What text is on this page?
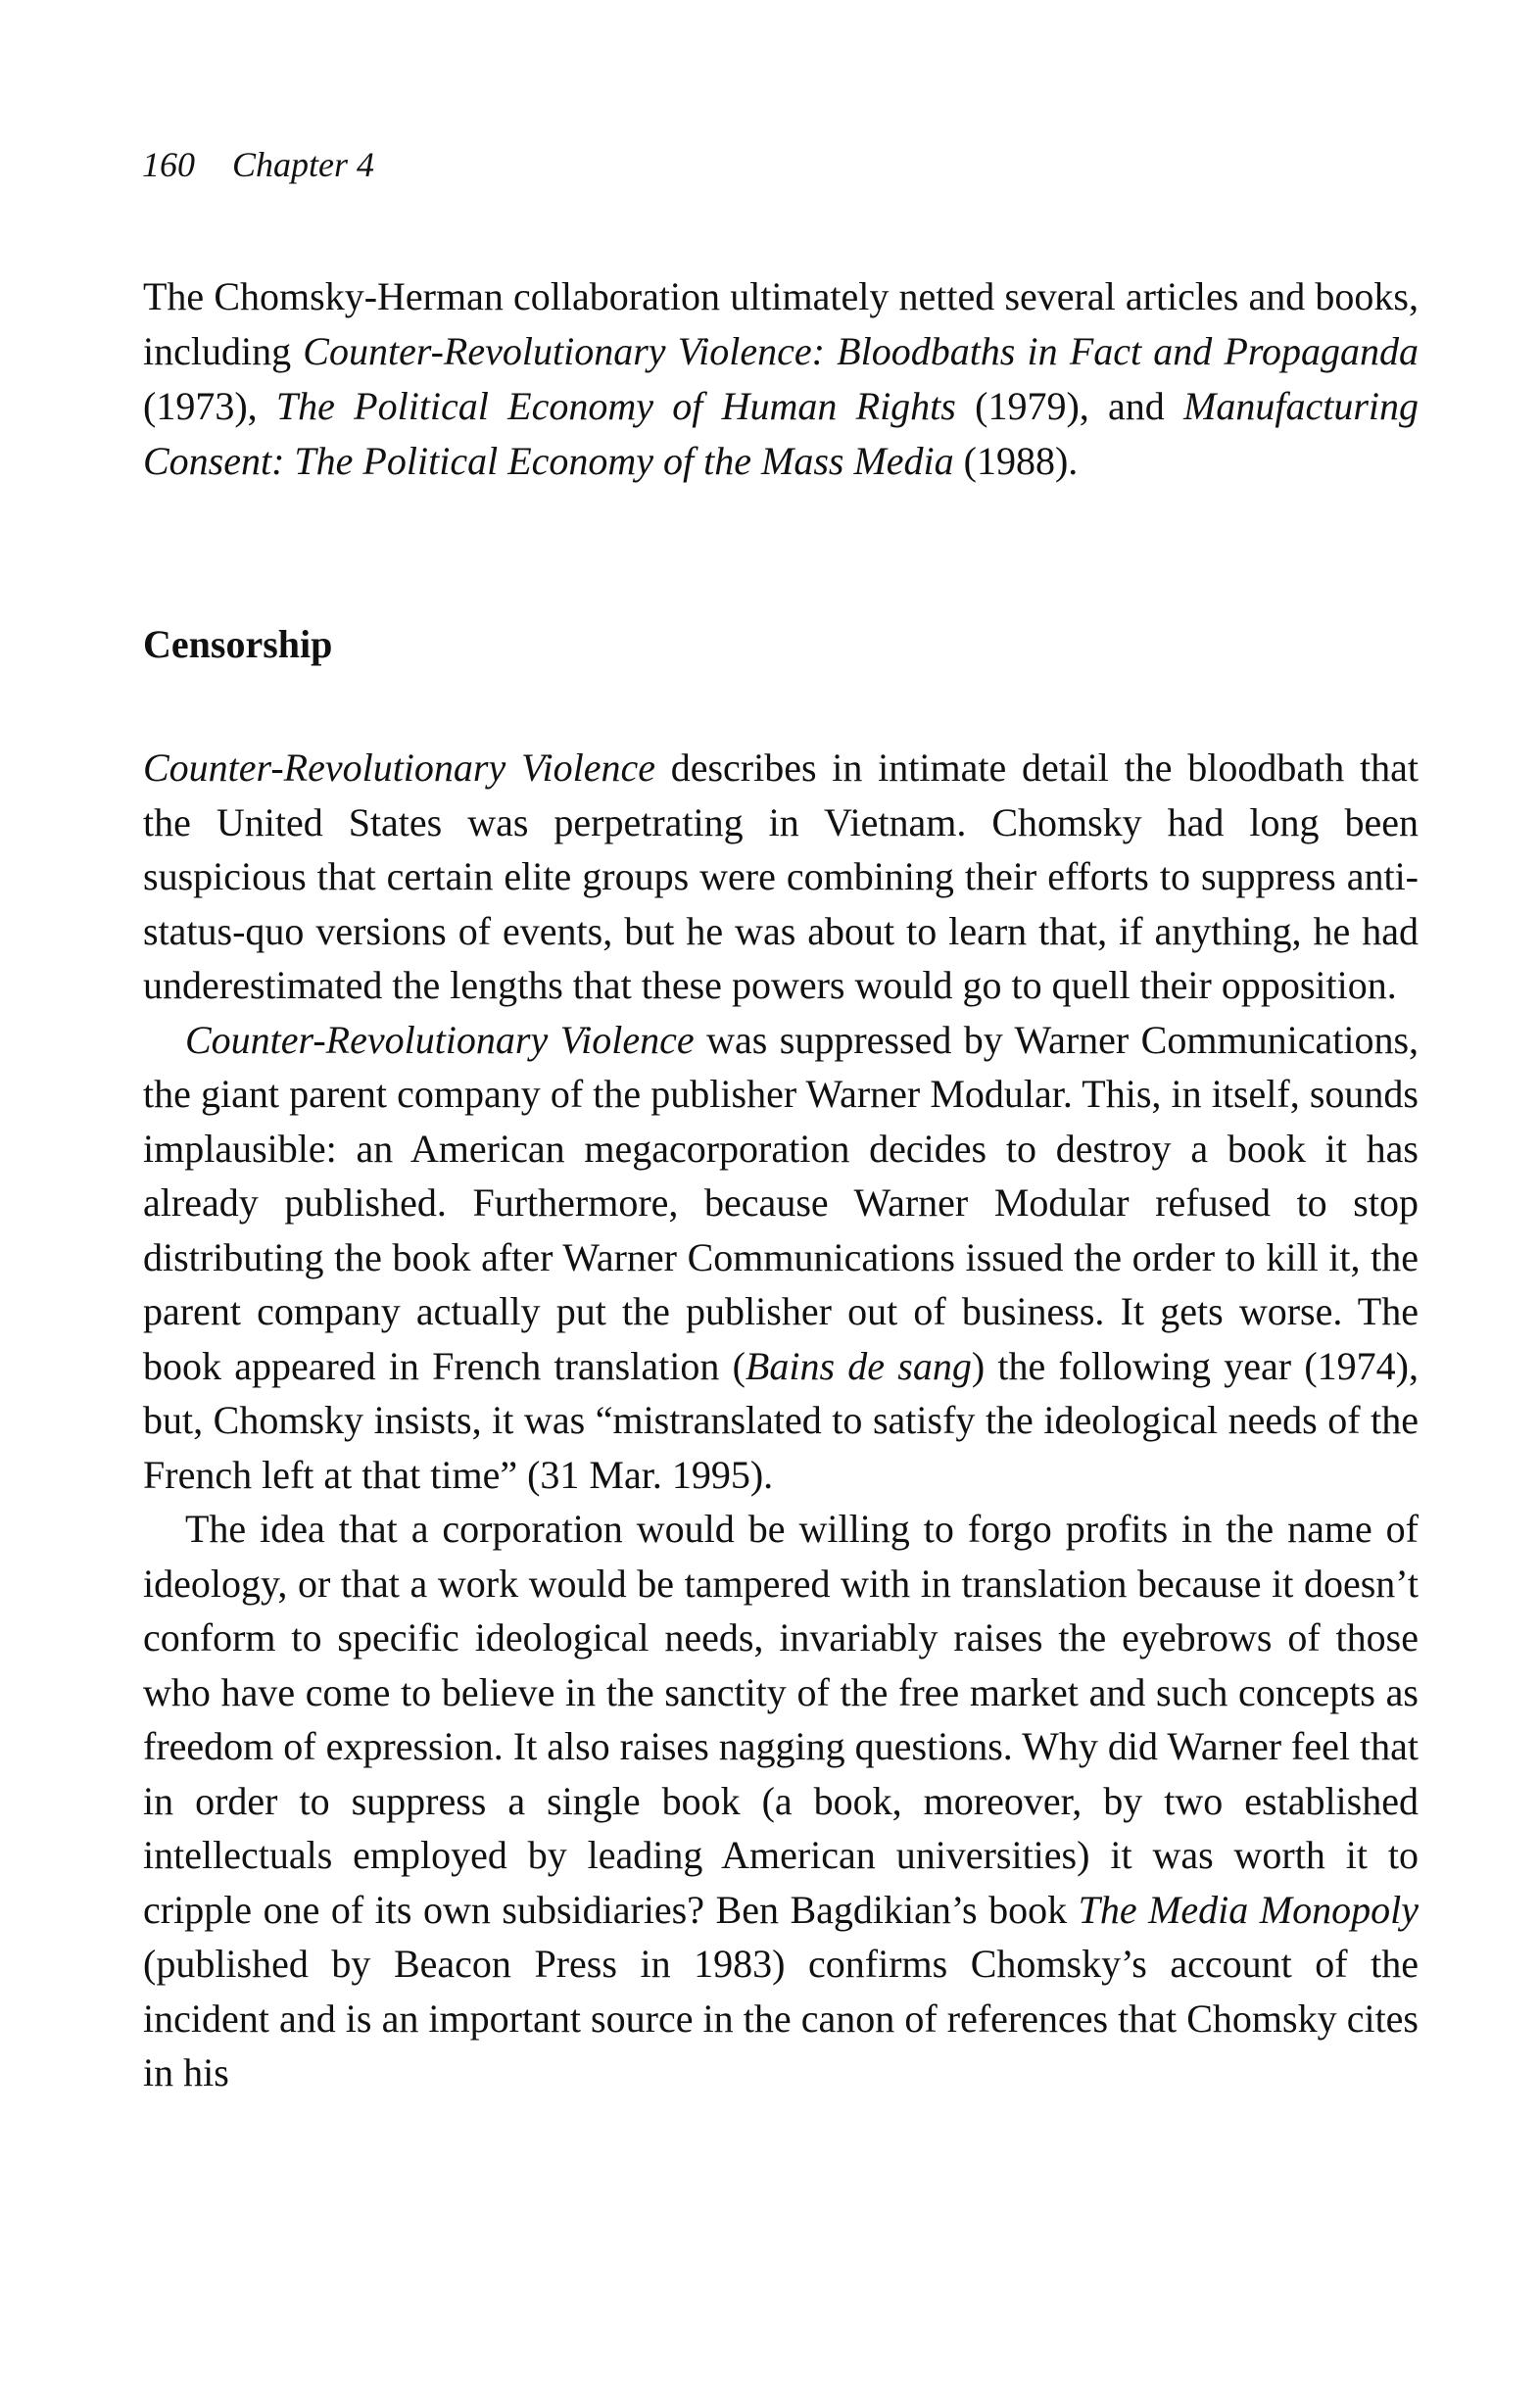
160 Chapter 4

The Chomsky-Herman collaboration ultimately netted several articles and books, including Counter-Revolutionary Violence: Bloodbaths in Fact and Propaganda (1973), The Political Economy of Human Rights (1979), and Manufacturing Consent: The Political Economy of the Mass Media (1988).

Censorship

Counter-Revolutionary Violence describes in intimate detail the bloodbath that the United States was perpetrating in Vietnam. Chomsky had long been suspicious that certain elite groups were combining their efforts to suppress anti-status-quo versions of events, but he was about to learn that, if anything, he had underestimated the lengths that these powers would go to quell their opposition.

Counter-Revolutionary Violence was suppressed by Warner Communications, the giant parent company of the publisher Warner Modular. This, in itself, sounds implausible: an American megacorporation decides to destroy a book it has already published. Furthermore, because Warner Modular refused to stop distributing the book after Warner Communications issued the order to kill it, the parent company actually put the publisher out of business. It gets worse. The book appeared in French translation (Bains de sang) the following year (1974), but, Chomsky insists, it was “mistranslated to satisfy the ideological needs of the French left at that time” (31 Mar. 1995).

The idea that a corporation would be willing to forgo profits in the name of ideology, or that a work would be tampered with in translation because it doesn’t conform to specific ideological needs, invariably raises the eyebrows of those who have come to believe in the sanctity of the free market and such concepts as freedom of expression. It also raises nagging questions. Why did Warner feel that in order to suppress a single book (a book, moreover, by two established intellectuals employed by leading American universities) it was worth it to cripple one of its own subsidiaries? Ben Bagdikian’s book The Media Monopoly (published by Beacon Press in 1983) confirms Chomsky’s account of the incident and is an important source in the canon of references that Chomsky cites in his
